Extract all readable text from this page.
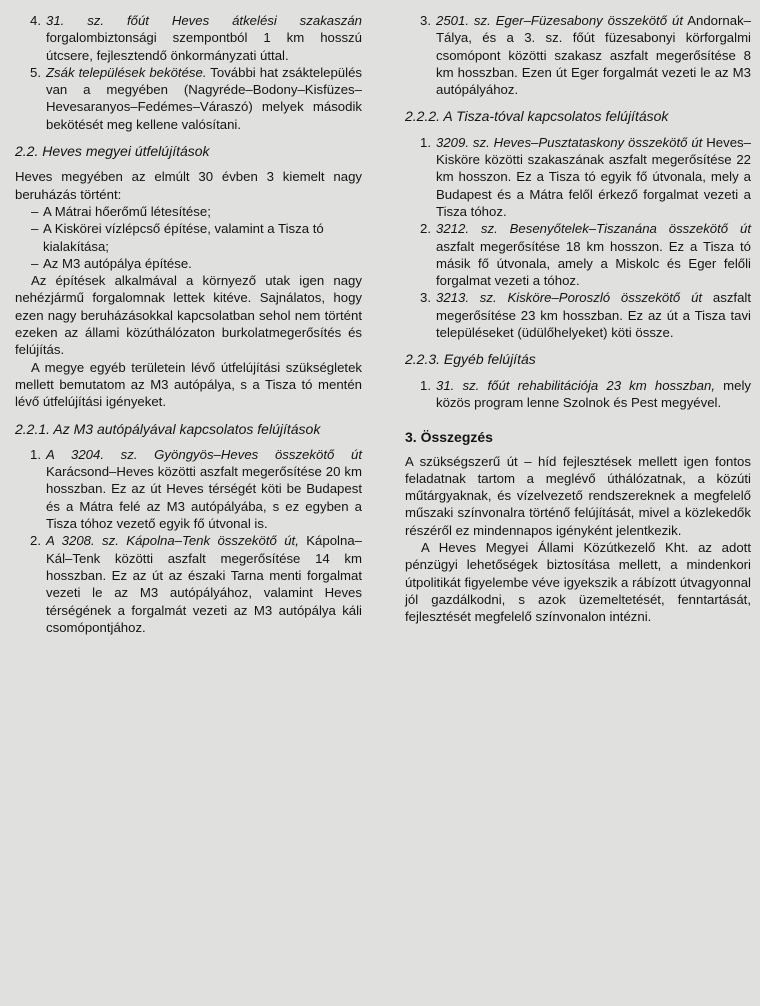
4. 31. sz. főút Heves átkelési szakaszán forgalombiztonsági szempontból 1 km hosszú útcsere, fejlesztendő önkormányzati úttal.
5. Zsák települések bekötése. További hat zsáktelepülés van a megyében (Nagyréde–Bodony–Kisfüzes–Hevesaranyos–Fedémes–Váraszó) melyek második bekötését meg kellene valósítani.
2.2. Heves megyei útfelújítások

Heves megyében az elmúlt 30 évben 3 kiemelt nagy beruházás történt:

– A Mátrai hőerőmű létesítése;
– A Kiskörei vízlépcső építése, valamint a Tisza tó kialakítása;
– Az M3 autópálya építése.

Az építések alkalmával a környező utak igen nagy nehézjármű forgalomnak lettek kitéve. Sajnálatos, hogy ezen nagy beruházásokkal kapcsolatban sehol nem történt ezeken az állami közúthálózaton burkolatmegerősítés és felújítás.

A megye egyéb területein lévő útfelújítási szükségletek mellett bemutatom az M3 autópálya, s a Tisza tó mentén lévő útfelújítási igényeket.

2.2.1. Az M3 autópályával kapcsolatos felújítások
1. A 3204. sz. Gyöngyös–Heves összekötő út Karácsond–Heves közötti aszfalt megerősítése 20 km hosszban. Ez az út Heves térségét köti be Budapest és a Mátra felé az M3 autópályába, s ez egyben a Tisza tóhoz vezető egyik fő útvonal is.
2. A 3208. sz. Kápolna–Tenk összekötő út, Kápolna–Kál–Tenk közötti aszfalt megerősítése 14 km hosszban. Ez az út az északi Tarna menti forgalmat vezeti le az M3 autópályához, valamint Heves térségének a forgalmát vezeti az M3 autópálya káli csomópontjához.
3. 2501. sz. Eger–Füzesabony összekötő út Andornak–Tálya, és a 3. sz. főút füzesabonyi körforgalmi csomópont közötti szakasz aszfalt megerősítése 8 km hosszban. Ezen út Eger forgalmát vezeti le az M3 autópályához.
2.2.2. A Tisza-tóval kapcsolatos felújítások
1. 3209. sz. Heves–Pusztataskony összekötő út Heves–Kisköre közötti szakaszának aszfalt megerősítése 22 km hosszon. Ez a Tisza tó egyik fő útvonala, mely a Budapest és a Mátra felől érkező forgalmat vezeti a Tisza tóhoz.
2. 3212. sz. Besenyőtelek–Tiszanána összekötő út aszfalt megerősítése 18 km hosszon. Ez a Tisza tó másik fő útvonala, amely a Miskolc és Eger felőli forgalmat vezeti a tóhoz.
3. 3213. sz. Kisköre–Poroszló összekötő út aszfalt megerősítése 23 km hosszban. Ez az út a Tisza tavi településeket (üdülőhelyeket) köti össze.
2.2.3. Egyéb felújítás
1. 31. sz. főút rehabilitációja 23 km hosszban, mely közös program lenne Szolnok és Pest megyével.
3. Összegzés

A szükségszerű út – híd fejlesztések mellett igen fontos feladatnak tartom a meglévő úthálózatnak, a közúti műtárgyaknak, és vízelvezető rendszereknek a megfelelő műszaki színvonalra történő felújítását, mivel a közlekedők részéről ez mindennapos igényként jelentkezik.

A Heves Megyei Állami Közútkezelő Kht. az adott pénzügyi lehetőségek biztosítása mellett, a mindenkori útpolitikát figyelembe véve igyekszik a rábízott útvagyonnal jól gazdálkodni, s azok üzemeltetését, fenntartását, fejlesztését megfelelő színvonalon intézni.
